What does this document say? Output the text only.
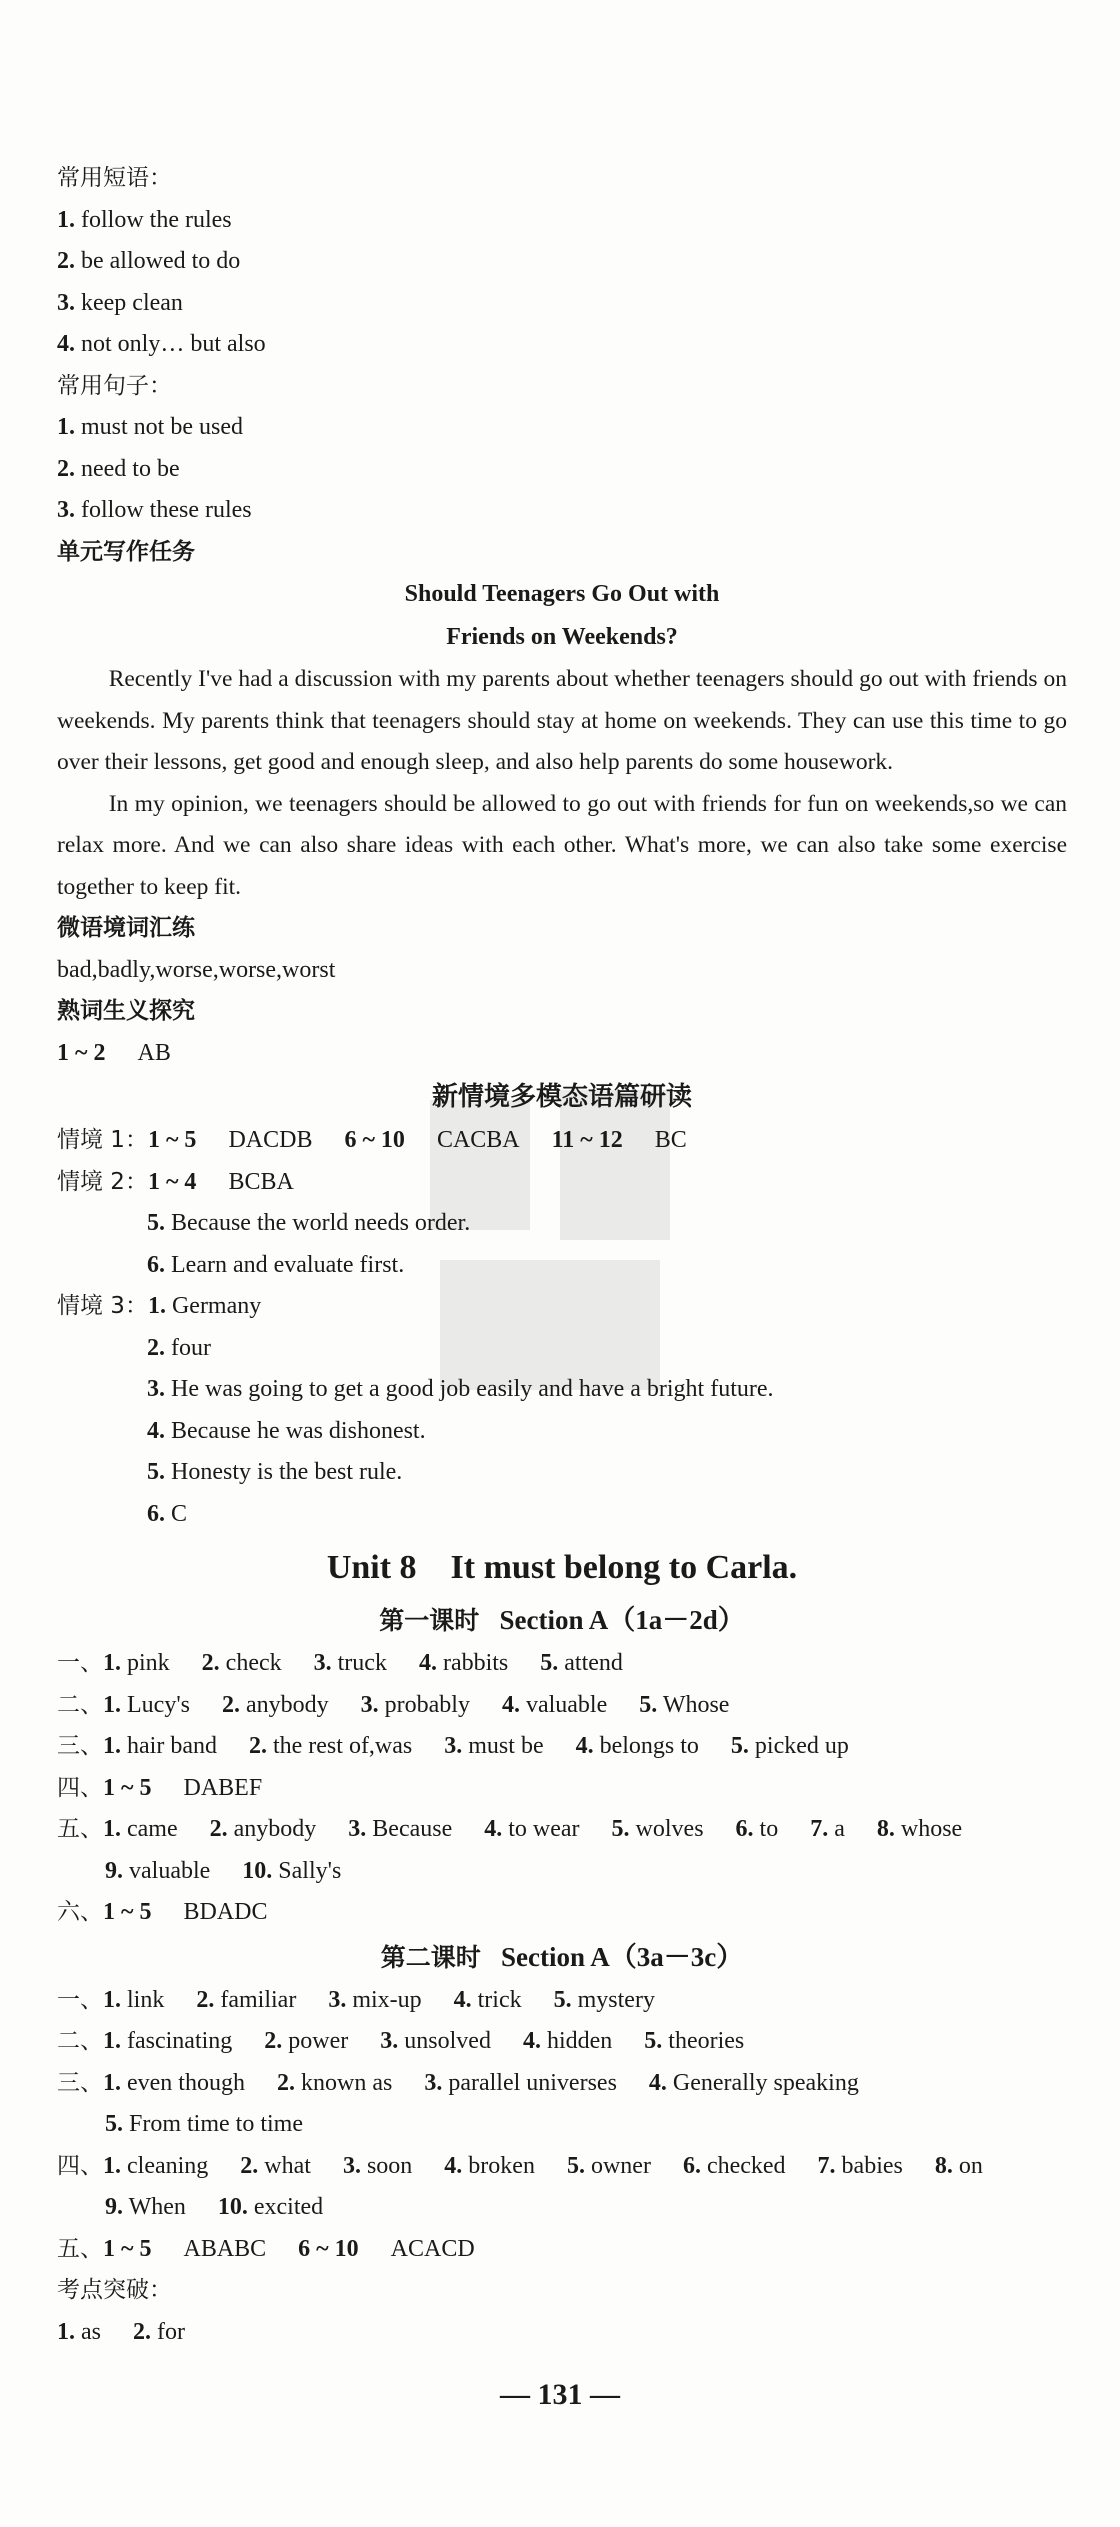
常用短语：
1. follow the rules
2. be allowed to do
3. keep clean
4. not only… but also
常用句子：
1. must not be used
2. need to be
3. follow these rules
单元写作任务
Should Teenagers Go Out with
Friends on Weekends?

Recently I've had a discussion with my parents about whether teenagers should go out with friends on weekends. My parents think that teenagers should stay at home on weekends. They can use this time to go over their lessons, get good and enough sleep, and also help parents do some housework.

In my opinion, we teenagers should be allowed to go out with friends for fun on weekends,so we can relax more. And we can also share ideas with each other. What's more, we can also take some exercise together to keep fit.

微语境词汇练
bad,badly,worse,worse,worst
熟词生义探究
1 ~ 2 AB
新情境多模态语篇研读
情境 1：1 ~ 5 DACDB 6 ~ 10 CACBA 11 ~ 12 BC
情境 2：1 ~ 4 BCBA
5. Because the world needs order.
6. Learn and evaluate first.
情境 3：1. Germany
2. four
3. He was going to get a good job easily and have a bright future.
4. Because he was dishonest.
5. Honesty is the best rule.
6. C
Unit 8    It must belong to Carla.
第一课时 Section A（1a－2d）
一、1. pink 2. check 3. truck 4. rabbits 5. attend
二、1. Lucy's 2. anybody 3. probably 4. valuable 5. Whose
三、1. hair band 2. the rest of,was 3. must be 4. belongs to 5. picked up
四、1 ~ 5 DABEF
五、1. came 2. anybody 3. Because 4. to wear 5. wolves 6. to 7. a 8. whose
9. valuable 10. Sally's
六、1 ~ 5 BDADC
第二课时 Section A（3a－3c）
一、1. link 2. familiar 3. mix-up 4. trick 5. mystery
二、1. fascinating 2. power 3. unsolved 4. hidden 5. theories
三、1. even though 2. known as 3. parallel universes 4. Generally speaking
5. From time to time
四、1. cleaning 2. what 3. soon 4. broken 5. owner 6. checked 7. babies 8. on
9. When 10. excited
五、1 ~ 5 ABABC 6 ~ 10 ACACD
考点突破：
1. as 2. for
— 131 —
